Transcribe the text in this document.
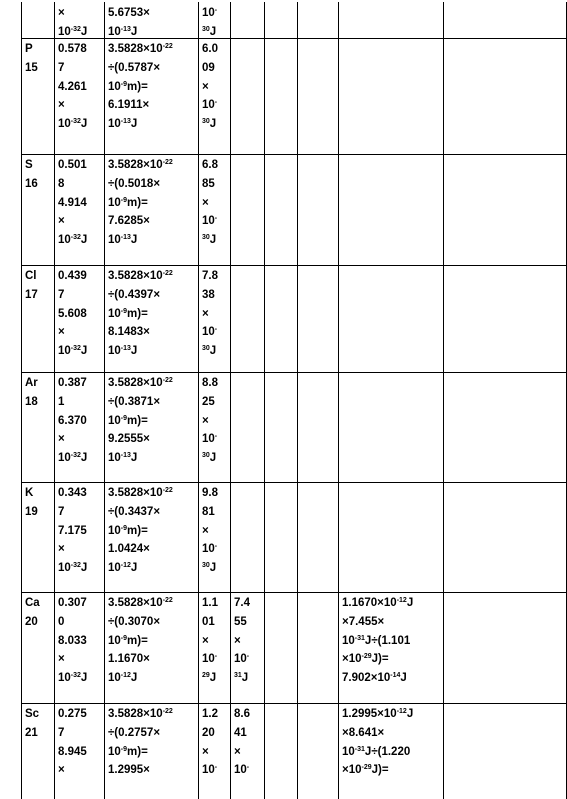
×
$10^{-32}J$
5.6753×
$10^{-13}J$
10-
$^{30}$J
P
15
0.578
7
4.261
×
$10^{-32}J$
$3.5828\times 10^{-22}$
÷(0.5787×
$10^{-9}m)=$
6.1911×
$10^{-13}J$
6.0
09
×
10-
$^{30}$J
S
16
0.501
8
4.914
×
$10^{-32}J$
$3.5828\times 10^{-22}$
÷(0.5018×
$10^{-9}m)=$
7.6285×
$10^{-13}J$
6.8
85
×
10-
$^{30}$J
Cl
17
0.439
7
5.608
×
$10^{-32}J$
$3.5828\times 10^{-22}$
÷(0.4397×
$10^{-9}m)=$
8.1483×
$10^{-13}J$
7.8
38
×
10-
$^{30}$J
Ar
18
0.387
1
6.370
×
$10^{-32}J$
$3.5828\times 10^{-22}$
÷(0.3871×
$10^{-9}m)=$
9.2555×
$10^{-13}J$
8.8
25
×
10-
$^{30}$J
K
19
0.343
7
7.175
×
$10^{-32}J$
$3.5828\times 10^{-22}$
÷(0.3437×
$10^{-9}m)=$
1.0424×
$10^{-12}J$
9.8
81
×
10-
$^{30}$J
Ca
20
0.307
0
8.033
×
$10^{-32}J$
$3.5828\times 10^{-22}$
÷(0.3070×
$10^{-9}m)=$
1.1670×
$10^{-12}J$
1.1
01
×
10-
$^{29}$J
7.4
55
×
10-
$^{31}$J
$1.1670\times 10^{-12}J$
×7.455×
$10^{-31}J\div(1.101$
$\times 10^{-29}J)=$
$7.902\times 10^{-14}J$
Sc
21
0.275
7
8.945
×
$3.5828\times 10^{-22}$
÷(0.2757×
$10^{-9}m)=$
1.2995×
1.2
20
×
10-
8.6
41
×
10-
$1.2995\times 10^{-12}J$
×8.641×
$10^{-31}J\div(1.220$
$\times 10^{-29}J)=$
